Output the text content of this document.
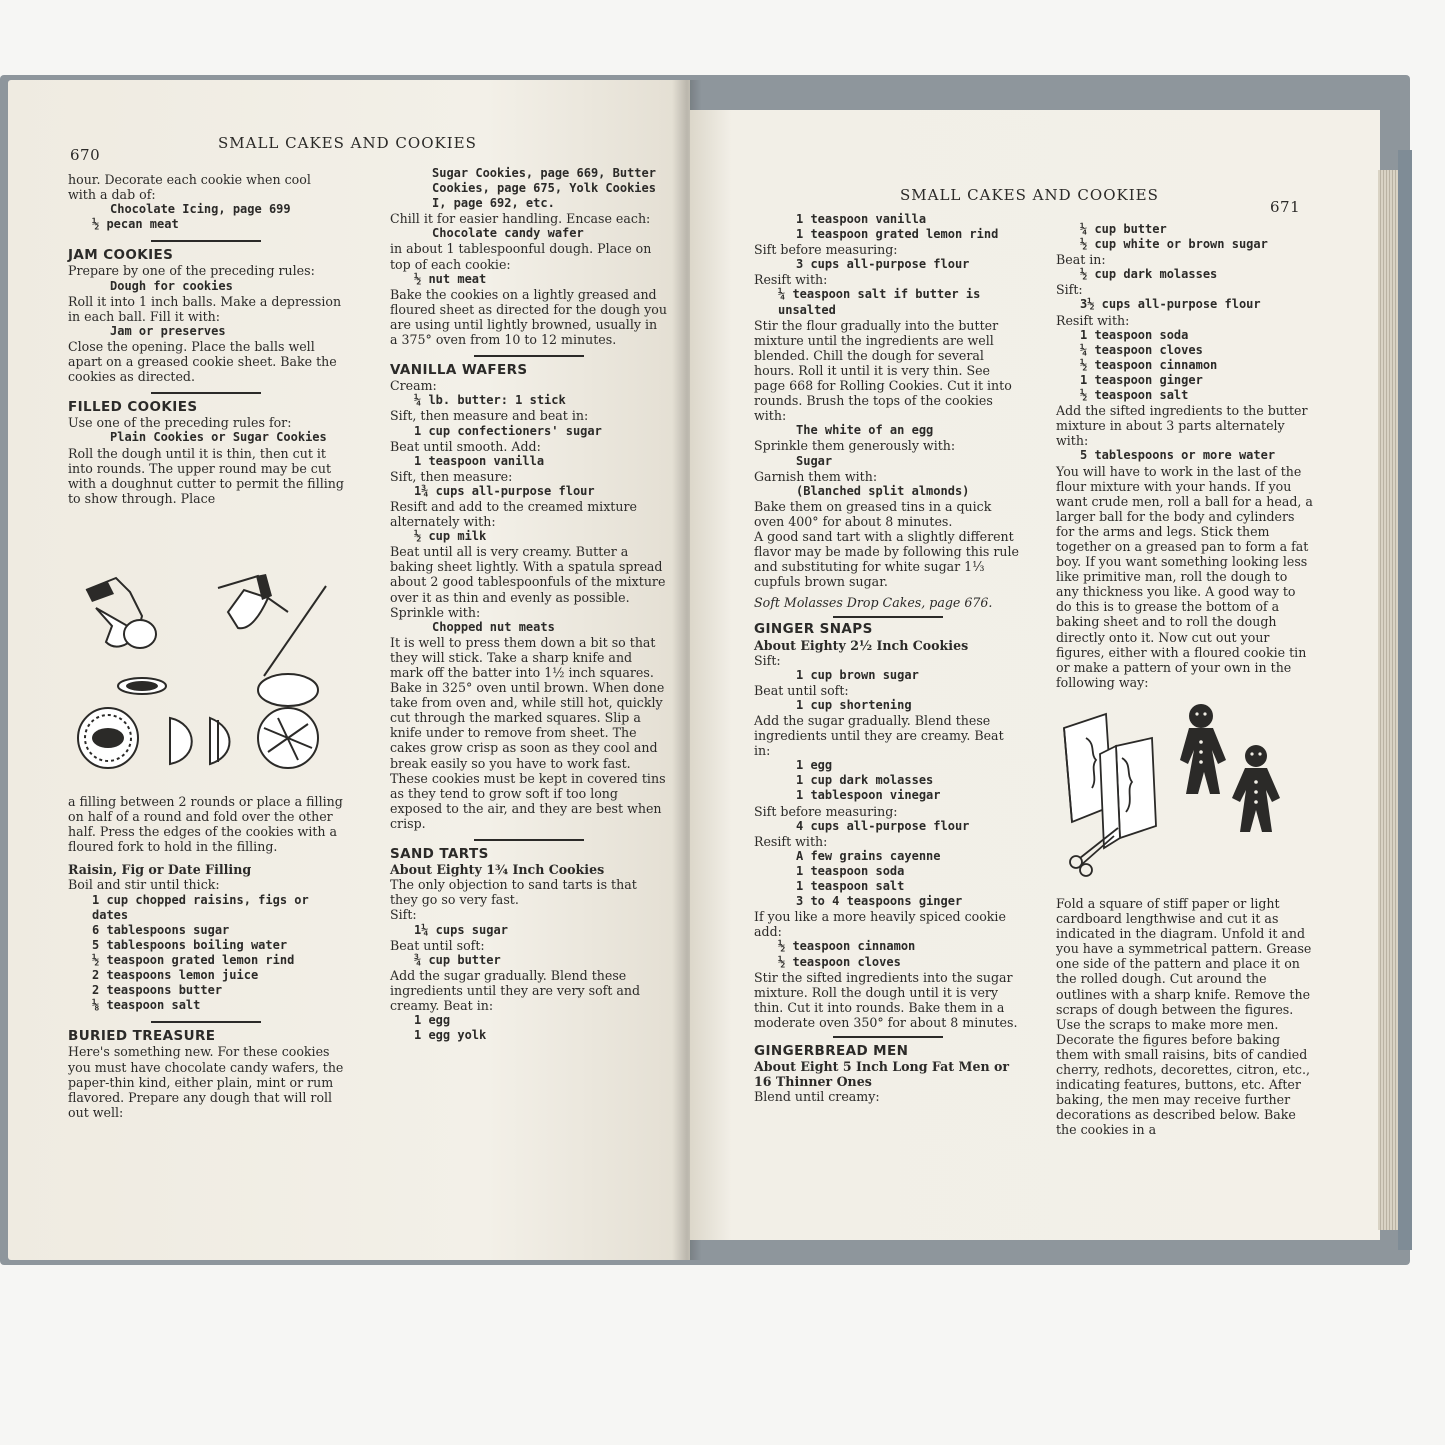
670
SMALL CAKES AND COOKIES

hour. Decorate each cookie when cool

with a dab of:

Chocolate Icing, page 699

½ pecan meat

JAM COOKIES

Prepare by one of the preceding rules:

Dough for cookies

Roll it into 1 inch balls. Make a depression in each ball. Fill it with:

Jam or preserves

Close the opening. Place the balls well apart on a greased cookie sheet. Bake the cookies as directed.

FILLED COOKIES

Use one of the preceding rules for:

Plain Cookies or Sugar Cookies

Roll the dough until it is thin, then cut it into rounds. The upper round may be cut with a doughnut cutter to permit the filling to show through. Place

a filling between 2 rounds or place a filling on half of a round and fold over the other half. Press the edges of the cookies with a floured fork to hold in the filling.

Raisin, Fig or Date Filling

Boil and stir until thick:

1 cup chopped raisins, figs or dates

6 tablespoons sugar

5 tablespoons boiling water

½ teaspoon grated lemon rind

2 teaspoons lemon juice

2 teaspoons butter

⅛ teaspoon salt

BURIED TREASURE

Here's something new. For these cookies you must have chocolate candy wafers, the paper-thin kind, either plain, mint or rum flavored. Prepare any dough that will roll out well:

Sugar Cookies, page 669, Butter Cookies, page 675, Yolk Cookies I, page 692, etc.

Chill it for easier handling. Encase each:

Chocolate candy wafer

in about 1 tablespoonful dough. Place on top of each cookie:

½ nut meat

Bake the cookies on a lightly greased and floured sheet as directed for the dough you are using until lightly browned, usually in a 375° oven from 10 to 12 minutes.

VANILLA WAFERS

Cream:

¼ lb. butter: 1 stick

Sift, then measure and beat in:

1 cup confectioners' sugar

Beat until smooth. Add:

1 teaspoon vanilla

Sift, then measure:

1¾ cups all-purpose flour

Resift and add to the creamed mixture alternately with:

½ cup milk

Beat until all is very creamy. Butter a baking sheet lightly. With a spatula spread about 2 good tablespoonfuls of the mixture over it as thin and evenly as possible. Sprinkle with:

Chopped nut meats

It is well to press them down a bit so that they will stick. Take a sharp knife and mark off the batter into 1½ inch squares. Bake in 325° oven until brown. When done take from oven and, while still hot, quickly cut through the marked squares. Slip a knife under to remove from sheet. The cakes grow crisp as soon as they cool and break easily so you have to work fast. These cookies must be kept in covered tins as they tend to grow soft if too long exposed to the air, and they are best when crisp.

SAND TARTS

About Eighty 1¾ Inch Cookies

The only objection to sand tarts is that they go so very fast.

Sift:

1¼ cups sugar

Beat until soft:

¾ cup butter

Add the sugar gradually. Blend these ingredients until they are very soft and creamy. Beat in:

1 egg

1 egg yolk

SMALL CAKES AND COOKIES
671

1 teaspoon vanilla

1 teaspoon grated lemon rind

Sift before measuring:

3 cups all-purpose flour

Resift with:

¼ teaspoon salt if butter is unsalted

Stir the flour gradually into the butter mixture until the ingredients are well blended. Chill the dough for several hours. Roll it until it is very thin. See page 668 for Rolling Cookies. Cut it into rounds. Brush the tops of the cookies with:

The white of an egg

Sprinkle them generously with:

Sugar

Garnish them with:

(Blanched split almonds)

Bake them on greased tins in a quick oven 400° for about 8 minutes.

A good sand tart with a slightly different flavor may be made by following this rule and substituting for white sugar 1⅓ cupfuls brown sugar.

Soft Molasses Drop Cakes, page 676.

GINGER SNAPS

About Eighty 2½ Inch Cookies

Sift:

1 cup brown sugar

Beat until soft:

1 cup shortening

Add the sugar gradually. Blend these ingredients until they are creamy. Beat in:

1 egg

1 cup dark molasses

1 tablespoon vinegar

Sift before measuring:

4 cups all-purpose flour

Resift with:

A few grains cayenne

1 teaspoon soda

1 teaspoon salt

3 to 4 teaspoons ginger

If you like a more heavily spiced cookie add:

½ teaspoon cinnamon

½ teaspoon cloves

Stir the sifted ingredients into the sugar mixture. Roll the dough until it is very thin. Cut it into rounds. Bake them in a moderate oven 350° for about 8 minutes.

GINGERBREAD MEN

About Eight 5 Inch Long Fat Men or 16 Thinner Ones

Blend until creamy:

¼ cup butter

½ cup white or brown sugar

Beat in:

½ cup dark molasses

Sift:

3½ cups all-purpose flour

Resift with:

1 teaspoon soda

¼ teaspoon cloves

½ teaspoon cinnamon

1 teaspoon ginger

½ teaspoon salt

Add the sifted ingredients to the butter mixture in about 3 parts alternately with:

5 tablespoons or more water

You will have to work in the last of the flour mixture with your hands. If you want crude men, roll a ball for a head, a larger ball for the body and cylinders for the arms and legs. Stick them together on a greased pan to form a fat boy. If you want something looking less like primitive man, roll the dough to any thickness you like. A good way to do this is to grease the bottom of a baking sheet and to roll the dough directly onto it. Now cut out your figures, either with a floured cookie tin or make a pattern of your own in the following way:

Fold a square of stiff paper or light cardboard lengthwise and cut it as indicated in the diagram. Unfold it and you have a symmetrical pattern. Grease one side of the pattern and place it on the rolled dough. Cut around the outlines with a sharp knife. Remove the scraps of dough between the figures. Use the scraps to make more men. Decorate the figures before baking them with small raisins, bits of candied cherry, redhots, decorettes, citron, etc., indicating features, buttons, etc. After baking, the men may receive further decorations as described below. Bake the cookies in a
